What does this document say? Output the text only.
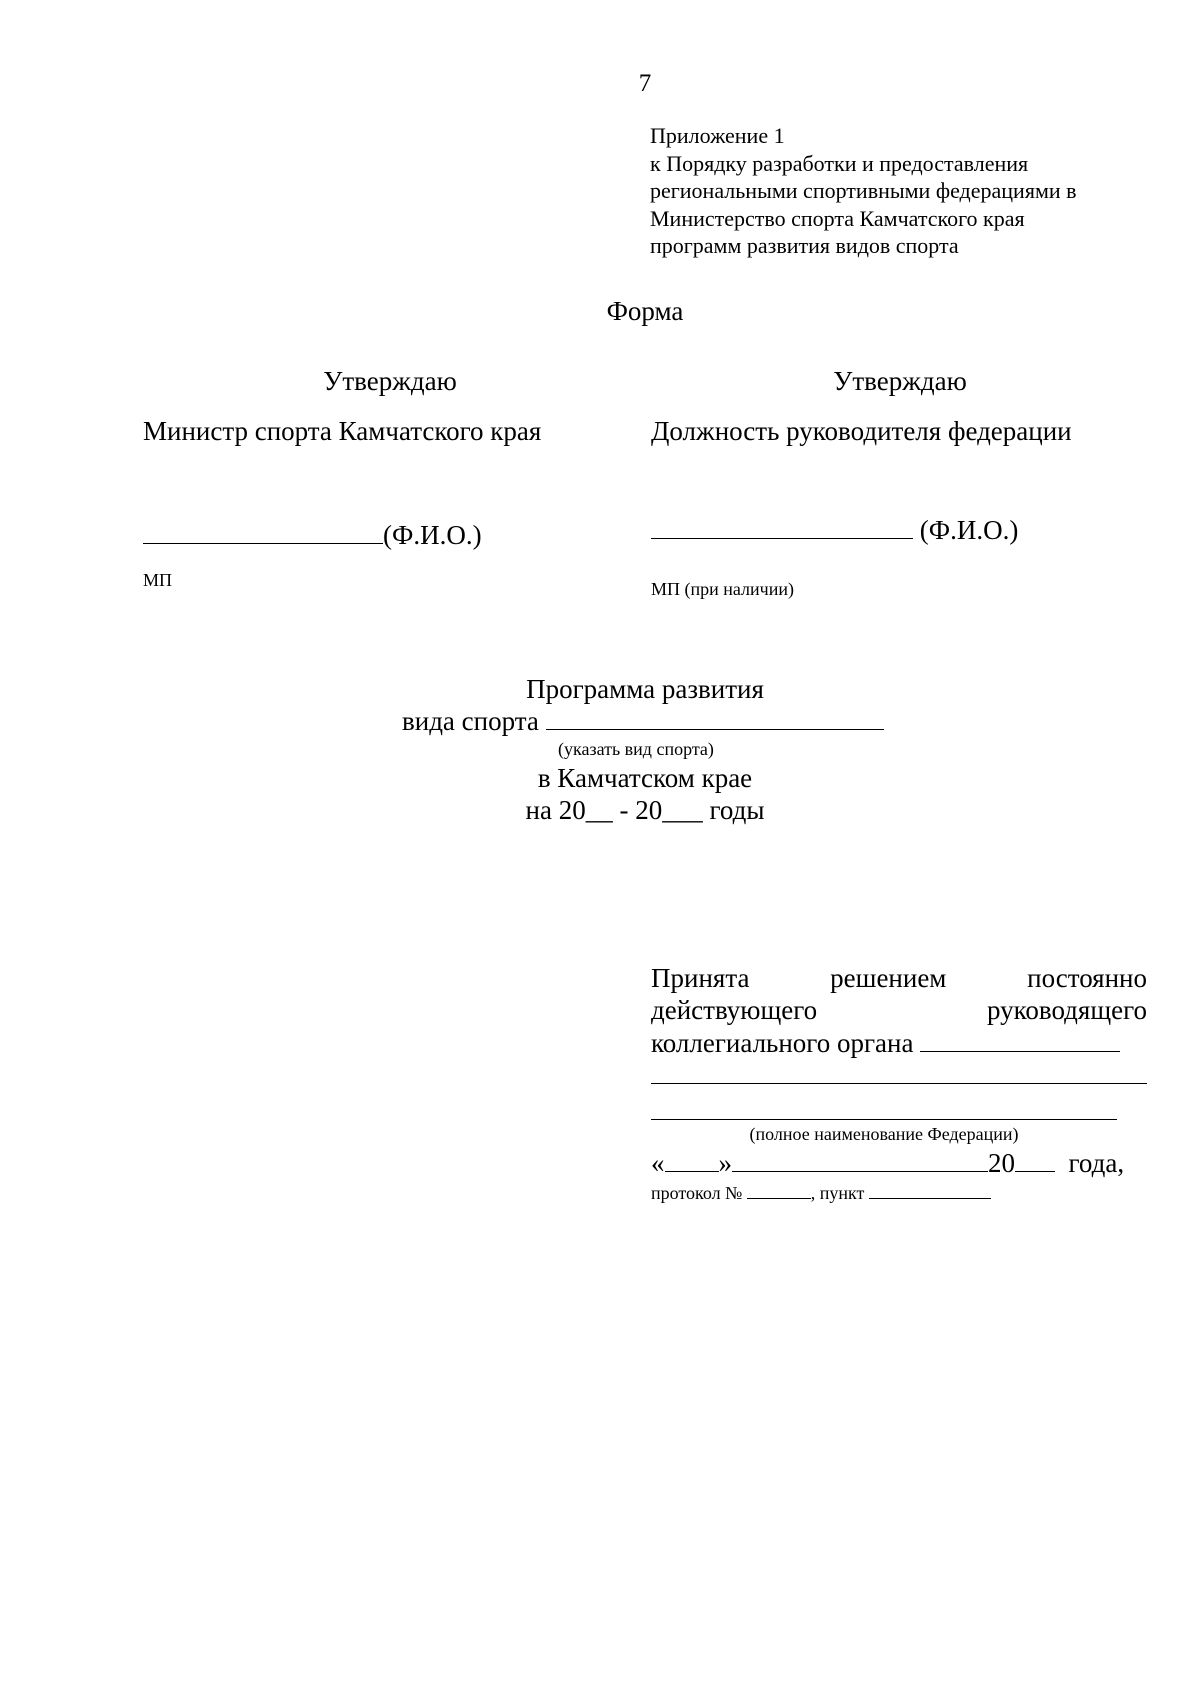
7
Приложение 1
к Порядку разработки и предоставления
региональными спортивными федерациями в
Министерство спорта Камчатского края
программ развития видов спорта
Форма
Утверждаю	Утверждаю
Министр спорта Камчатского края	Должность руководителя федерации
(Ф.И.О.)	(Ф.И.О.)
МП	МП (при наличии)
Программа развития
вида спорта
(указать вид спорта)
в Камчатском крае
на 20__ - 20___ годы
Принята решением постоянно действующего руководящего
коллегиального органа
(полное наименование Федерации)
« »	20 года,
протокол №	, пункт
